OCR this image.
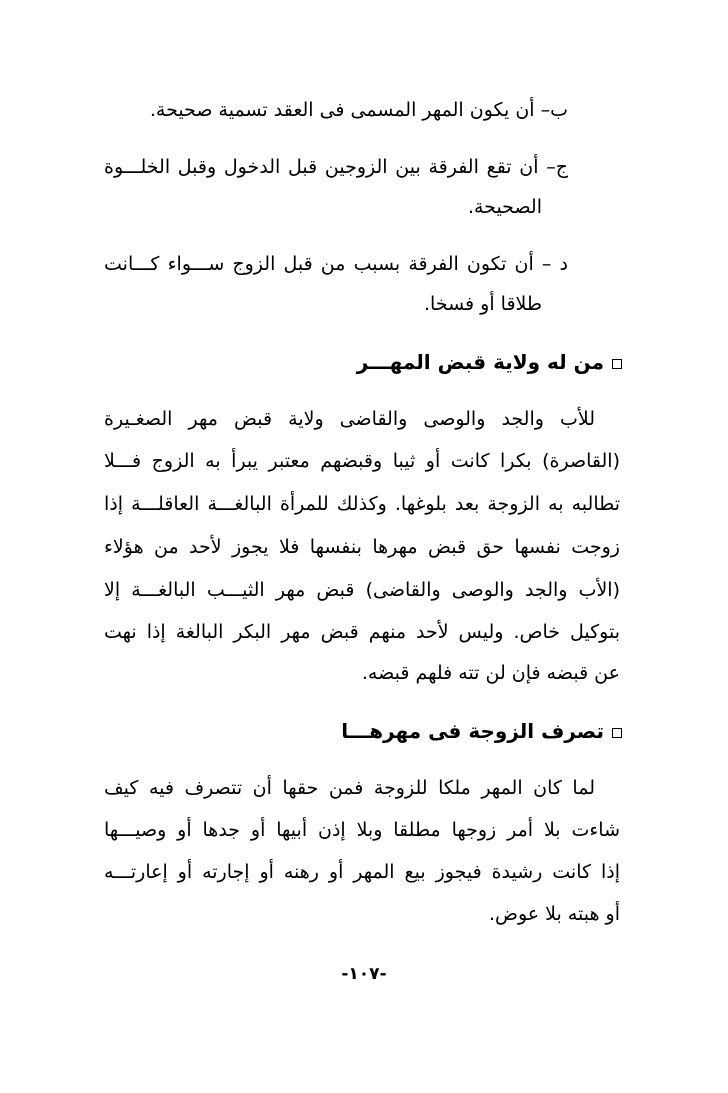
ب– أن يكون المهر المسمى فى العقد تسمية صحيحة.
ج– أن تقع الفرقة بين الزوجين قبل الدخول وقبل الخلـــوة
الصحيحة.
د – أن تكون الفرقة بسبب من قبل الزوج ســـواء كـــانت
طلاقا أو فسخا.
من له ولاية قبض المهـــر
للأب والجد والوصى والقاضى ولاية قبض مهر الصغـيرة
(القاصرة) بكرا كانت أو ثيبا وقبضهم معتبر يبرأ به الزوج فـــلا
تطالبه به الزوجة بعد بلوغها. وكذلك للمرأة البالغـــة العاقلـــة إذا
زوجت نفسها حق قبض مهرها بنفسها فلا يجوز لأحد من هؤلاء
(الأب والجد والوصى والقاضى) قبض مهر الثيـــب البالغـــة إلا
بتوكيل خاص. وليس لأحد منهم قبض مهر البكر البالغة إذا نهت
عن قبضه فإن لن تته فلهم قبضه.
تصرف الزوجة فى مهرهـــا
لما كان المهر ملكا للزوجة فمن حقها أن تتصرف فيه كيف
شاءت بلا أمر زوجها مطلقا وبلا إذن أبيها أو جدها أو وصيـــها
إذا كانت رشيدة فيجوز بيع المهر أو رهنه أو إجارته أو إعارتـــه
أو هبته بلا عوض.
-١٠٧-
